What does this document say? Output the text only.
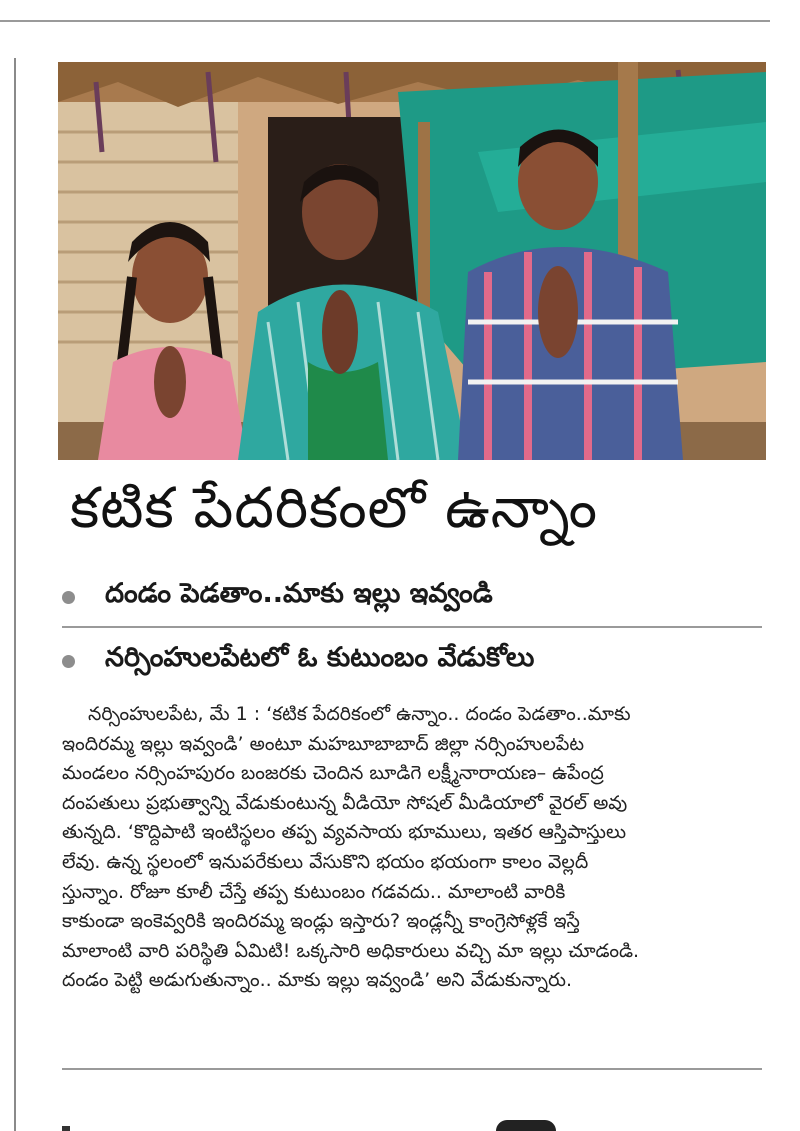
కటిక పేదరికంలో ఉన్నాం
దండం పెడతాం..మాకు ఇల్లు ఇవ్వండి
నర్సింహులపేటలో ఓ కుటుంబం వేడుకోలు
నర్సింహులపేట, మే 1 : ‘కటిక పేదరికంలో ఉన్నాం.. దండం పెడతాం..మాకు
ఇందిరమ్మ ఇల్లు ఇవ్వండి’ అంటూ మహబూబాబాద్ జిల్లా నర్సింహులపేట
మండలం నర్సింహపురం బంజరకు చెందిన బూడిగె లక్ష్మీనారాయణ– ఉపేంద్ర
దంపతులు ప్రభుత్వాన్ని వేడుకుంటున్న వీడియో సోషల్ మీడియాలో వైరల్ అవు
తున్నది. ‘కొద్దిపాటి ఇంటిస్థలం తప్ప వ్యవసాయ భూములు, ఇతర ఆస్తిపాస్తులు
లేవు. ఉన్న స్థలంలో ఇనుపరేకులు వేసుకొని భయం భయంగా కాలం వెల్లదీ
స్తున్నాం. రోజూ కూలీ చేస్తే తప్ప కుటుంబం గడవదు.. మాలాంటి వారికి
కాకుండా ఇంకెవ్వరికి ఇందిరమ్మ ఇండ్లు ఇస్తారు? ఇండ్లన్నీ కాంగ్రెసోళ్లకే ఇస్తే
మాలాంటి వారి పరిస్థితి ఏమిటి! ఒక్కసారి అధికారులు వచ్చి మా ఇల్లు చూడండి.
దండం పెట్టి అడుగుతున్నాం.. మాకు ఇల్లు ఇవ్వండి’ అని వేడుకున్నారు.
